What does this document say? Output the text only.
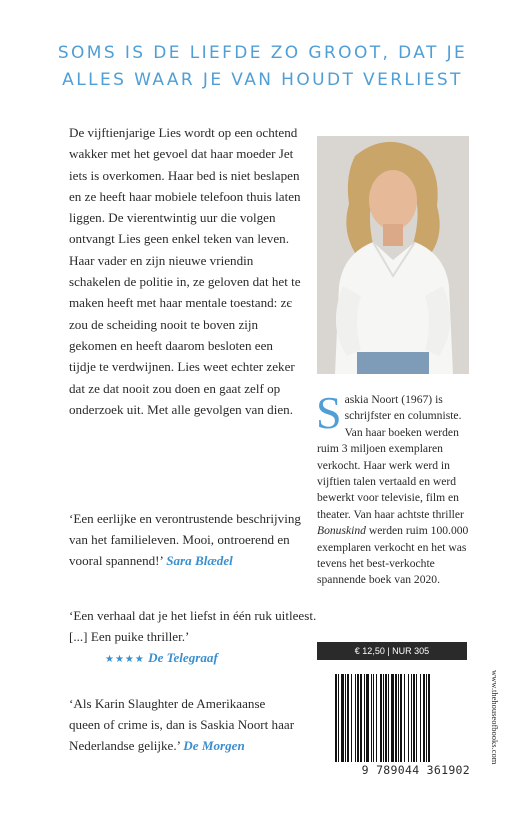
SOMS IS DE LIEFDE ZO GROOT, DAT JE
ALLES WAAR JE VAN HOUDT VERLIEST

De vijftienjarige Lies wordt op een ochtend wakker met het gevoel dat haar moeder Jet iets is overkomen. Haar bed is niet beslapen en ze heeft haar mobiele telefoon thuis laten liggen. De vierentwintig uur die volgen ontvangt Lies geen enkel teken van leven. Haar vader en zijn nieuwe vriendin schakelen de politie in, ze geloven dat het te maken heeft met haar mentale toestand: zє zou de scheiding nooit te boven zijn gekomen en heeft daarom besloten een tijdje te verdwijnen. Lies weet echter zeker dat ze dat nooit zou doen en gaat zelf op onderzoek uit. Met alle gevolgen van dien. Saskia Noort (1967) is schrijfster en columniste. Van haar boeken werden ruim 3 miljoen exemplaren verkocht. Haar werk werd in vijftien talen vertaald en werd bewerkt voor televisie, film en theater. Van haar achtste thriller Bonuskind werden ruim 100.000 exemplaren verkocht en het was tevens het best-verkochte spannende boek van 2020.
‘Een eerlijke en verontrustende beschrijving van het familieleven. Mooi, ontroerend en vooral spannend!’ Sara Blædel
‘Een verhaal dat je het liefst in één ruk uitleest. [...] Een puike thriller.’
★★★★ De Telegraaf
‘Als Karin Slaughter de Amerikaanse queen of crime is, dan is Saskia Noort haar Nederlandse gelijke.’ De Morgen
€ 12,50 | NUR 305
9 789044 361902
www.thehouseofbooks.com
